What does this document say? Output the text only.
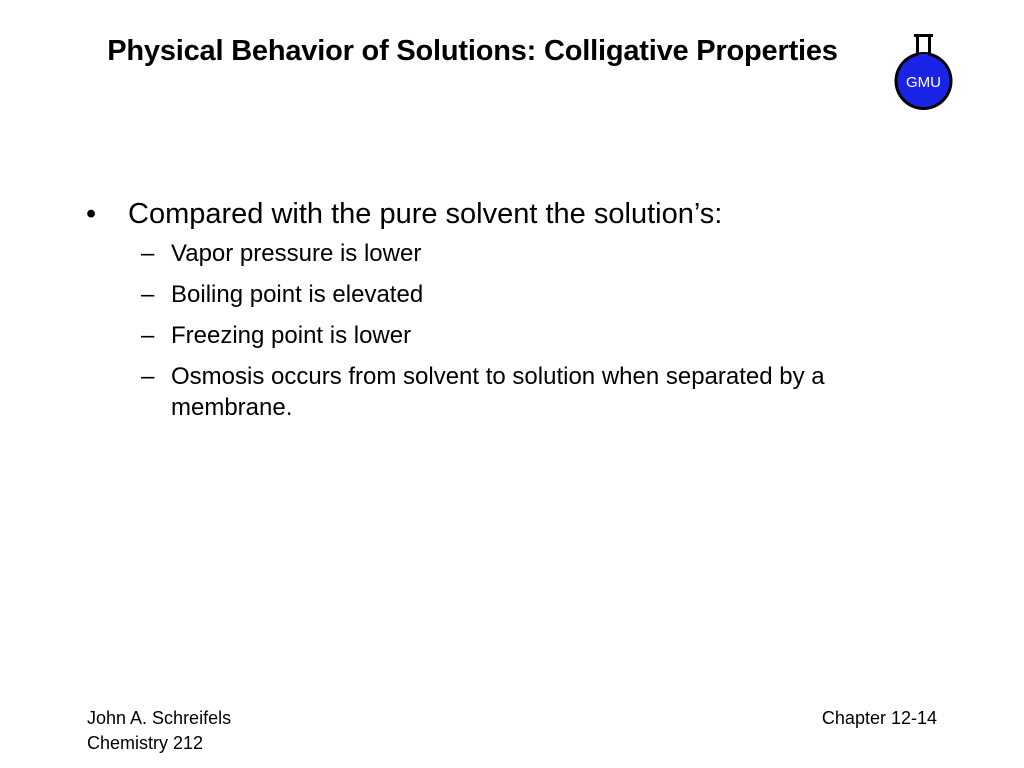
Physical Behavior of Solutions: Colligative Properties
GMU
•	Compared with the pure solvent the solution’s:
– Vapor pressure is lower
– Boiling point is elevated
– Freezing point is lower
– Osmosis occurs from solvent to solution when separated by a membrane.
John A. Schreifels
Chemistry 212
Chapter 12-14
